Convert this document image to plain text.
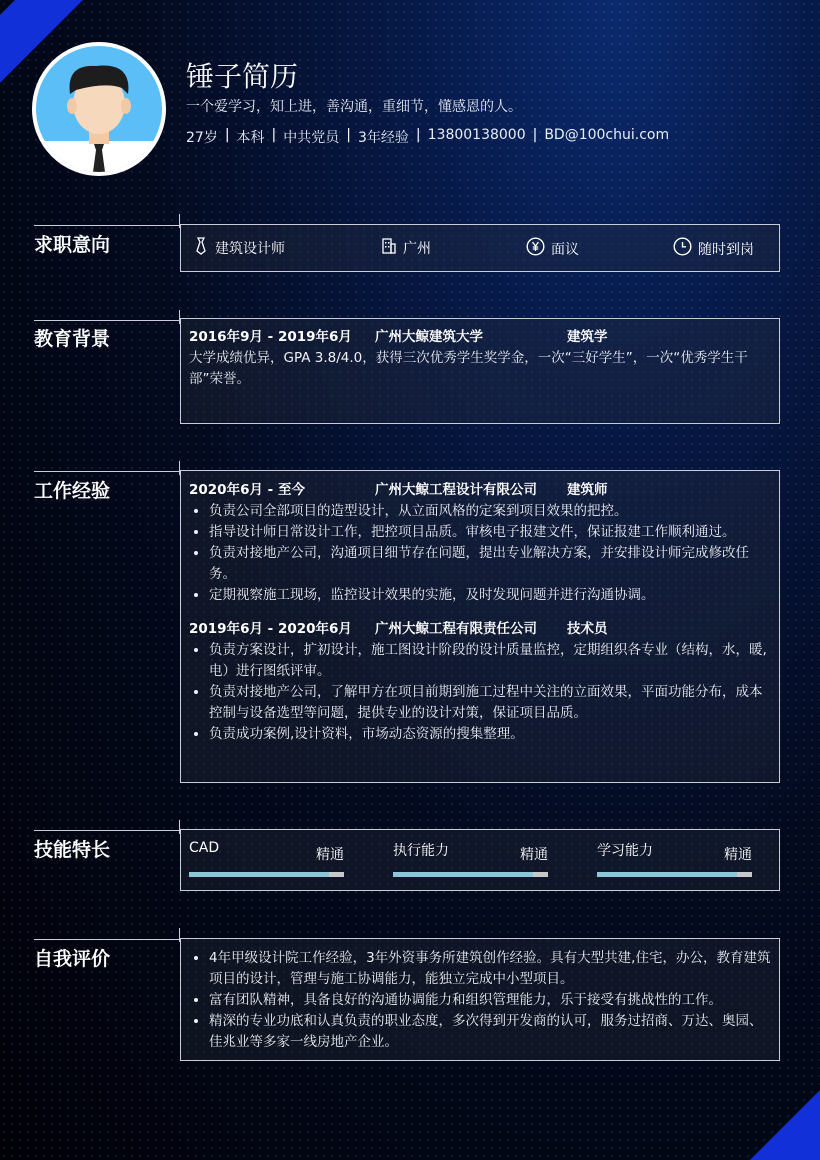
锤子简历
一个爱学习，知上进，善沟通，重细节，懂感恩的人。
27岁 | 本科 | 中共党员 | 3年经验 | 13800138000 | BD@100chui.com
求职意向	建筑设计师	广州	面议	随时到岗
教育背景	2016年9月 - 2019年6月	广州大鲸建筑大学	建筑学
大学成绩优异，GPA 3.8/4.0，获得三次优秀学生奖学金，一次“三好学生”，一次“优秀学生干部”荣誉。
工作经验	2020年6月 - 至今	广州大鲸工程设计有限公司	建筑师
• 负责公司全部项目的造型设计，从立面风格的定案到项目效果的把控。
• 指导设计师日常设计工作，把控项目品质。审核电子报建文件，保证报建工作顺利通过。
• 负责对接地产公司，沟通项目细节存在问题，提出专业解决方案，并安排设计师完成修改任务。
• 定期视察施工现场，监控设计效果的实施，及时发现问题并进行沟通协调。
2019年6月 - 2020年6月	广州大鲸工程有限责任公司	技术员
• 负责方案设计，扩初设计，施工图设计阶段的设计质量监控，定期组织各专业（结构，水，暖,电）进行图纸评审。
• 负责对接地产公司，了解甲方在项目前期到施工过程中关注的立面效果，平面功能分布，成本控制与设备选型等问题，提供专业的设计对策，保证项目品质。
• 负责成功案例,设计资料，市场动态资源的搜集整理。
技能特长	CAD	精通	执行能力	精通	学习能力	精通
自我评价
•	4年甲级设计院工作经验，3年外资事务所建筑创作经验。具有大型共建,住宅，办公，教育建筑项目的设计，管理与施工协调能力，能独立完成中小型项目。
• 富有团队精神，具备良好的沟通协调能力和组织管理能力，乐于接受有挑战性的工作。
• 精深的专业功底和认真负责的职业态度，多次得到开发商的认可，服务过招商、万达、奥园、佳兆业等多家一线房地产企业。
